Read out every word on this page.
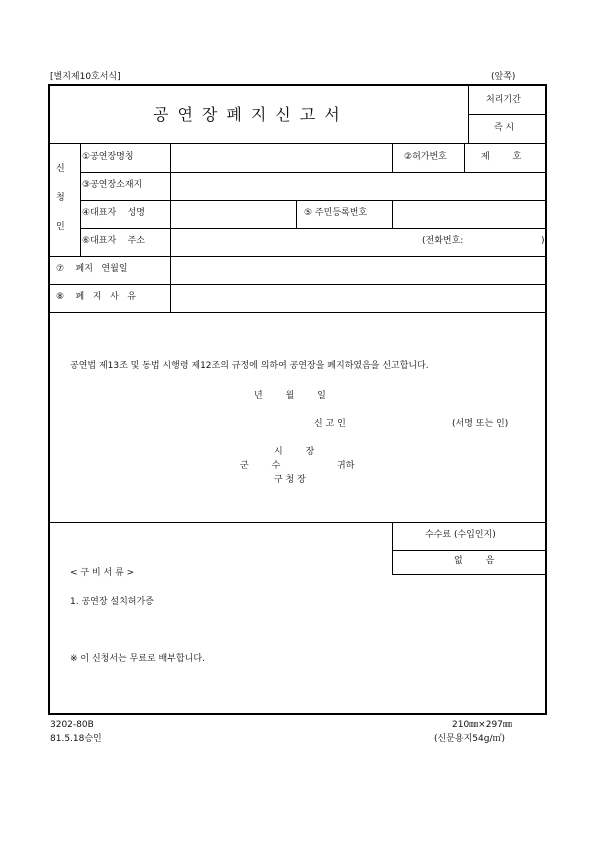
[별지제10호서식]	(앞쪽)
공연장폐지신고서
처리기간
즉 시
신
청
인
①공연장명칭	②허가번호	제        호
③공연장소재지
④대표자    성명	⑤ 주민등록번호
⑥대표자    주소	(전화번호:	)
⑦    폐지   연월일
⑧    폐   지   사   유
공연법 제13조 및 동법 시행령 제12조의 규정에 의하여 공연장을 폐지하였음을 신고합니다.
년        월        일
신 고 인	(서명 또는 인)
시        장
군        수	귀하
구 청 장
수수료 (수입인지)
없        음
< 구 비 서 류 >
1. 공연장 설치허가증
※ 이 신청서는 무료로 배부합니다.
3202-80B
81.5.18승인
210㎜×297㎜
(신문용지54g/㎡)
